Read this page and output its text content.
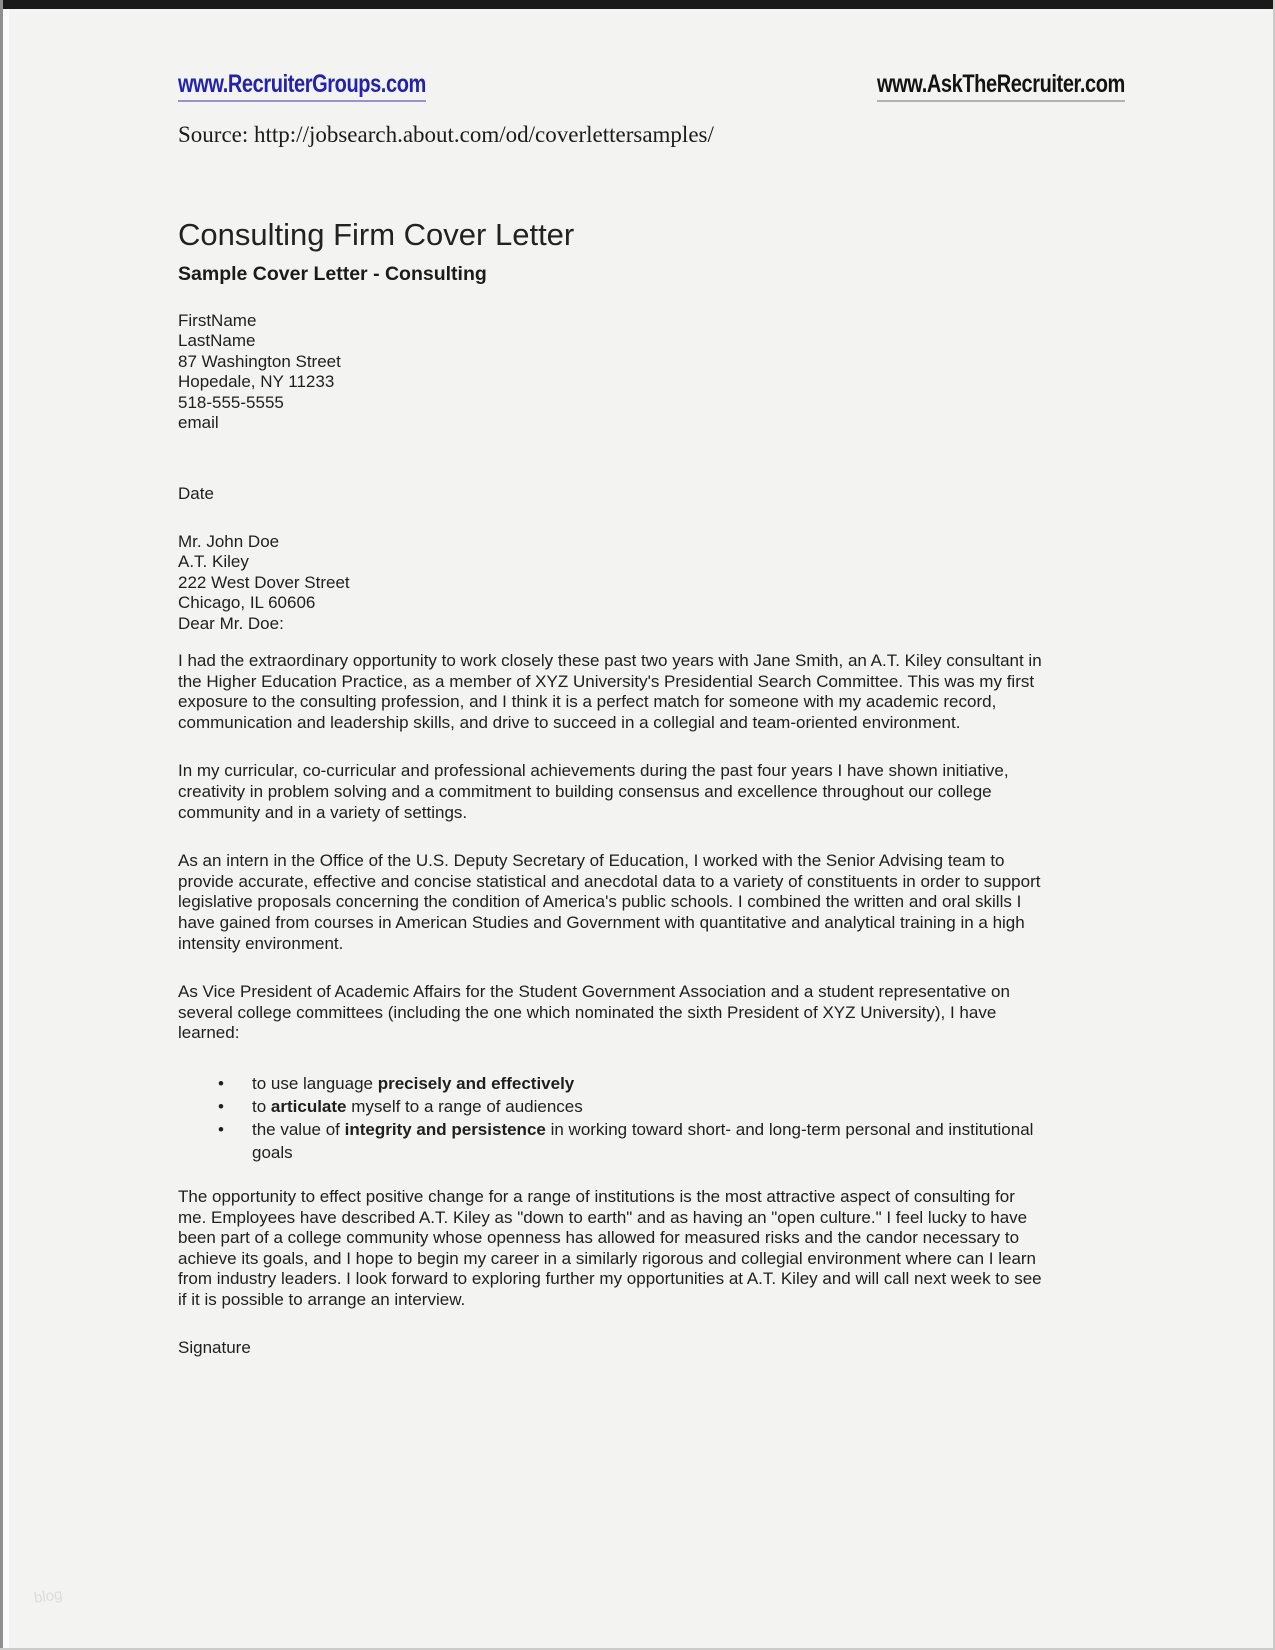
www.RecruiterGroups.com	www.AskTheRecruiter.com
Source: http://jobsearch.about.com/od/coverlettersamples/
Consulting Firm Cover Letter
Sample Cover Letter - Consulting
FirstName
LastName
87 Washington Street
Hopedale, NY 11233
518-555-5555
email
Date
Mr. John Doe
A.T. Kiley
222 West Dover Street
Chicago, IL 60606
Dear Mr. Doe:

I had the extraordinary opportunity to work closely these past two years with Jane Smith, an A.T. Kiley consultant in the Higher Education Practice, as a member of XYZ University's Presidential Search Committee. This was my first exposure to the consulting profession, and I think it is a perfect match for someone with my academic record, communication and leadership skills, and drive to succeed in a collegial and team-oriented environment.

In my curricular, co-curricular and professional achievements during the past four years I have shown initiative, creativity in problem solving and a commitment to building consensus and excellence throughout our college community and in a variety of settings.

As an intern in the Office of the U.S. Deputy Secretary of Education, I worked with the Senior Advising team to provide accurate, effective and concise statistical and anecdotal data to a variety of constituents in order to support legislative proposals concerning the condition of America's public schools. I combined the written and oral skills I have gained from courses in American Studies and Government with quantitative and analytical training in a high intensity environment.

As Vice President of Academic Affairs for the Student Government Association and a student representative on several college committees (including the one which nominated the sixth President of XYZ University), I have learned:

• to use language precisely and effectively
• to articulate myself to a range of audiences
• the value of integrity and persistence in working toward short- and long-term personal and institutional goals

The opportunity to effect positive change for a range of institutions is the most attractive aspect of consulting for me. Employees have described A.T. Kiley as "down to earth" and as having an "open culture." I feel lucky to have been part of a college community whose openness has allowed for measured risks and the candor necessary to achieve its goals, and I hope to begin my career in a similarly rigorous and collegial environment where can I learn from industry leaders. I look forward to exploring further my opportunities at A.T. Kiley and will call next week to see if it is possible to arrange an interview.

Signature

blog
